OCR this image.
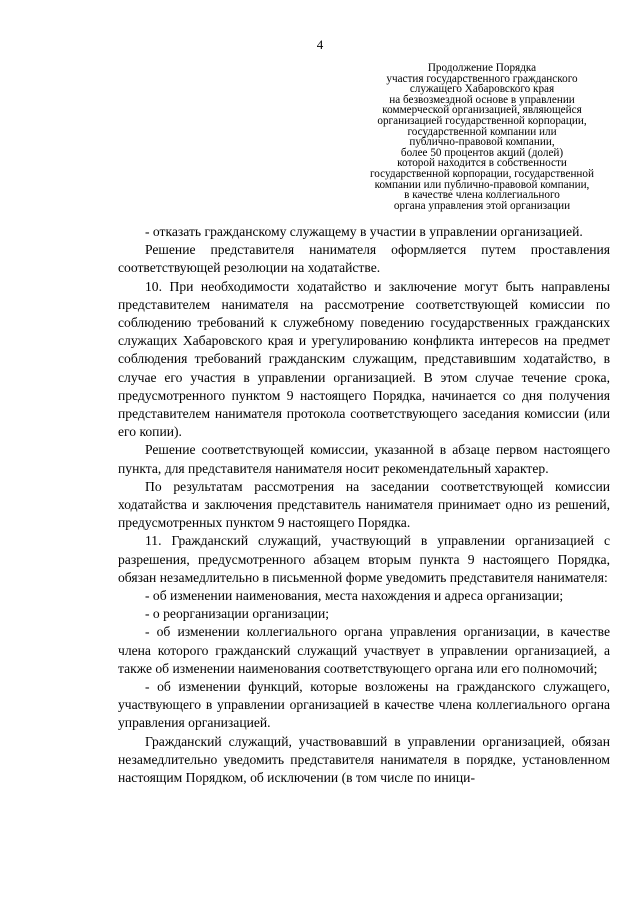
4
Продолжение Порядка
участия государственного гражданского
служащего Хабаровского края
на безвозмездной основе в управлении
коммерческой организацией, являющейся
организацией государственной корпорации,
государственной компании или
публично-правовой компании,
более 50 процентов акций (долей)
которой находится в собственности
государственной корпорации, государственной
компании или публично-правовой компании,
в качестве члена коллегиального
органа управления этой организации

- отказать гражданскому служащему в участии в управлении организацией.

Решение представителя нанимателя оформляется путем проставления соответствующей резолюции на ходатайстве.

10. При необходимости ходатайство и заключение могут быть направлены представителем нанимателя на рассмотрение соответствующей комиссии по соблюдению требований к служебному поведению государственных гражданских служащих Хабаровского края и урегулированию конфликта интересов на предмет соблюдения требований гражданским служащим, представившим ходатайство, в случае его участия в управлении организацией. В этом случае течение срока, предусмотренного пунктом 9 настоящего Порядка, начинается со дня получения представителем нанимателя протокола соответствующего заседания комиссии (или его копии).

Решение соответствующей комиссии, указанной в абзаце первом настоящего пункта, для представителя нанимателя носит рекомендательный характер.

По результатам рассмотрения на заседании соответствующей комиссии ходатайства и заключения представитель нанимателя принимает одно из решений, предусмотренных пунктом 9 настоящего Порядка.

11. Гражданский служащий, участвующий в управлении организацией с разрешения, предусмотренного абзацем вторым пункта 9 настоящего Порядка, обязан незамедлительно в письменной форме уведомить представителя нанимателя:

- об изменении наименования, места нахождения и адреса организации;

- о реорганизации организации;

- об изменении коллегиального органа управления организации, в качестве члена которого гражданский служащий участвует в управлении организацией, а также об изменении наименования соответствующего органа или его полномочий;

- об изменении функций, которые возложены на гражданского служащего, участвующего в управлении организацией в качестве члена коллегиального органа управления организацией.

Гражданский служащий, участвовавший в управлении организацией, обязан незамедлительно уведомить представителя нанимателя в порядке, установленном настоящим Порядком, об исключении (в том числе по иници-
